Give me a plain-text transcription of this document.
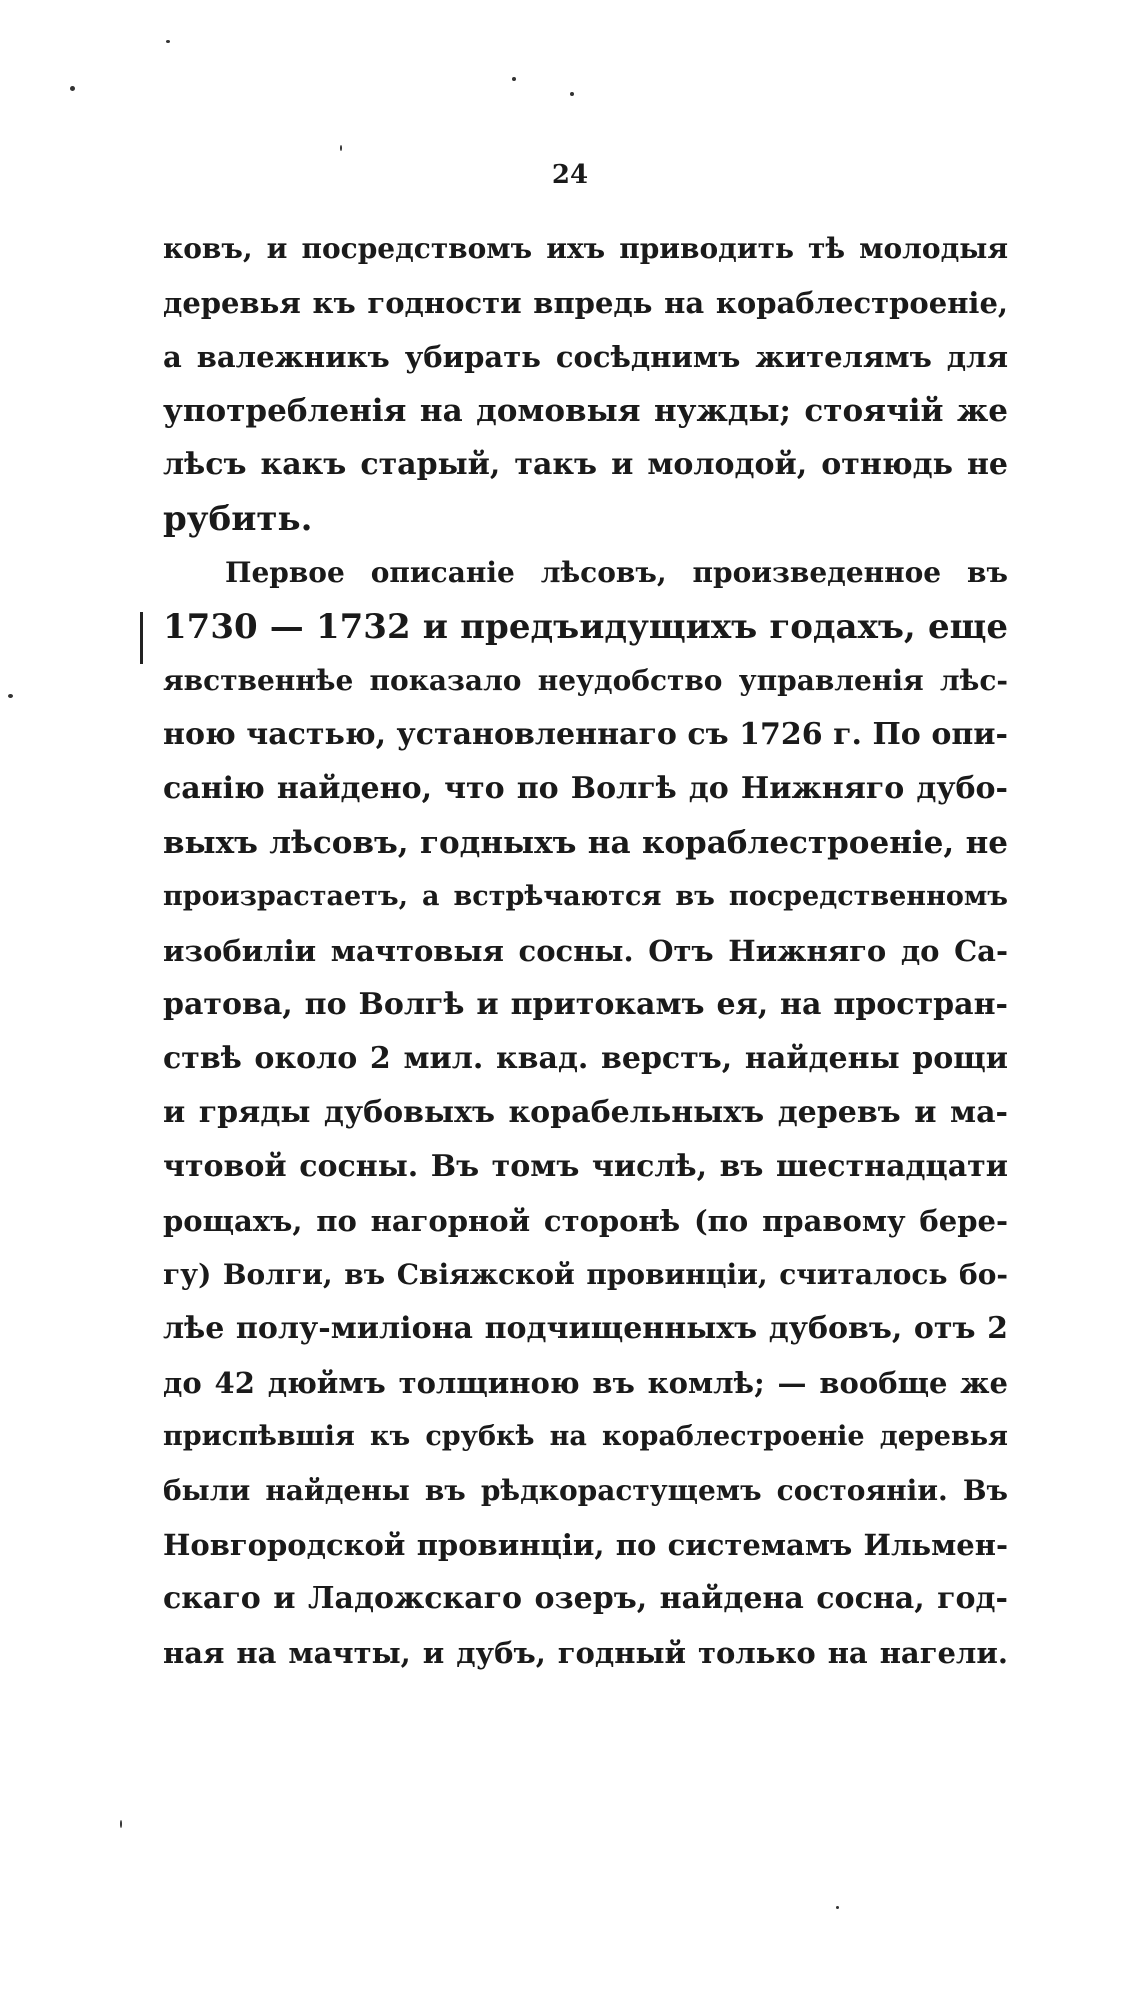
24
ковъ, и посредствомъ ихъ приводить тѣ молодыя
деревья къ годности впредь на кораблестроеніе,
а валежникъ убирать сосѣднимъ жителямъ для
употребленія на домовыя нужды; стоячій же
лѣсъ какъ старый, такъ и молодой, отнюдь не
рубить.
Первое описаніе лѣсовъ, произведенное въ
1730 — 1732 и предъидущихъ годахъ, еще
явственнѣе показало неудобство управленія лѣс-
ною частью, установленнаго съ 1726 г. По опи-
санію найдено, что по Волгѣ до Нижняго дубо-
выхъ лѣсовъ, годныхъ на кораблестроеніе, не
произрастаетъ, а встрѣчаются въ посредственномъ
изобиліи мачтовыя сосны. Отъ Нижняго до Са-
ратова, по Волгѣ и притокамъ ея, на простран-
ствѣ около 2 мил. квад. верстъ, найдены рощи
и гряды дубовыхъ корабельныхъ деревъ и ма-
чтовой сосны. Въ томъ числѣ, въ шестнадцати
рощахъ, по нагорной сторонѣ (по правому бере-
гу) Волги, въ Свіяжской провинціи, считалось бо-
лѣе полу-миліона подчищенныхъ дубовъ, отъ 2
до 42 дюймъ толщиною въ комлѣ; — вообще же
приспѣвшія къ срубкѣ на кораблестроеніе деревья
были найдены въ рѣдкорастущемъ состояніи. Въ
Новгородской провинціи, по системамъ Ильмен-
скаго и Ладожскаго озеръ, найдена сосна, год-
ная на мачты, и дубъ, годный только на нагели.
